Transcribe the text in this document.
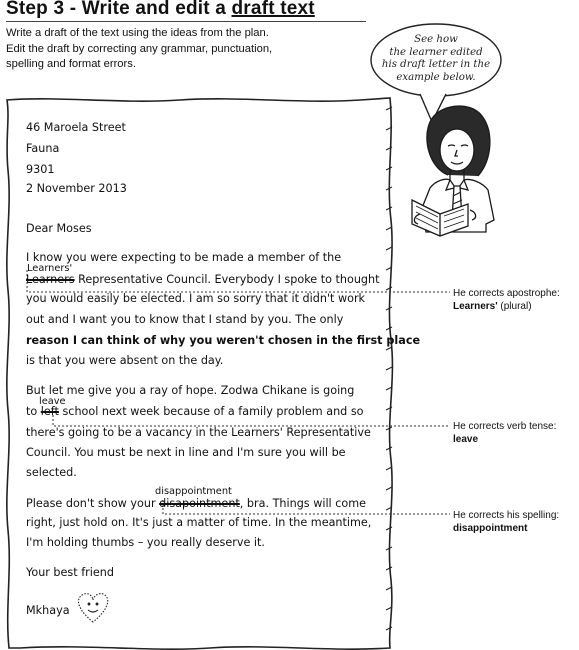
Step 3 - Write and edit a draft text
Write a draft of the text using the ideas from the plan.
Edit the draft by correcting any grammar, punctuation,
spelling and format errors.
See how
the learner edited
his draft letter in the
example below.
46 Maroela Street
Fauna
9301
2 November 2013
Dear Moses
I know you were expecting to be made a member of the
Learners'
Learners Representative Council. Everybody I spoke to thought
you would easily be elected. I am so sorry that it didn't work
out and I want you to know that I stand by you. The only
reason I can think of why you weren't chosen in the first place
is that you were absent on the day.
But let me give you a ray of hope. Zodwa Chikane is going
leave
to left school next week because of a family problem and so
there's going to be a vacancy in the Learners' Representative
Council. You must be next in line and I'm sure you will be
selected.
disappointment
Please don't show your disapointment, bra. Things will come
right, just hold on. It's just a matter of time. In the meantime,
I'm holding thumbs – you really deserve it.
Your best friend
Mkhaya
He corrects apostrophe:
Learners' (plural)
He corrects verb tense:
leave
He corrects his spelling:
disappointment
